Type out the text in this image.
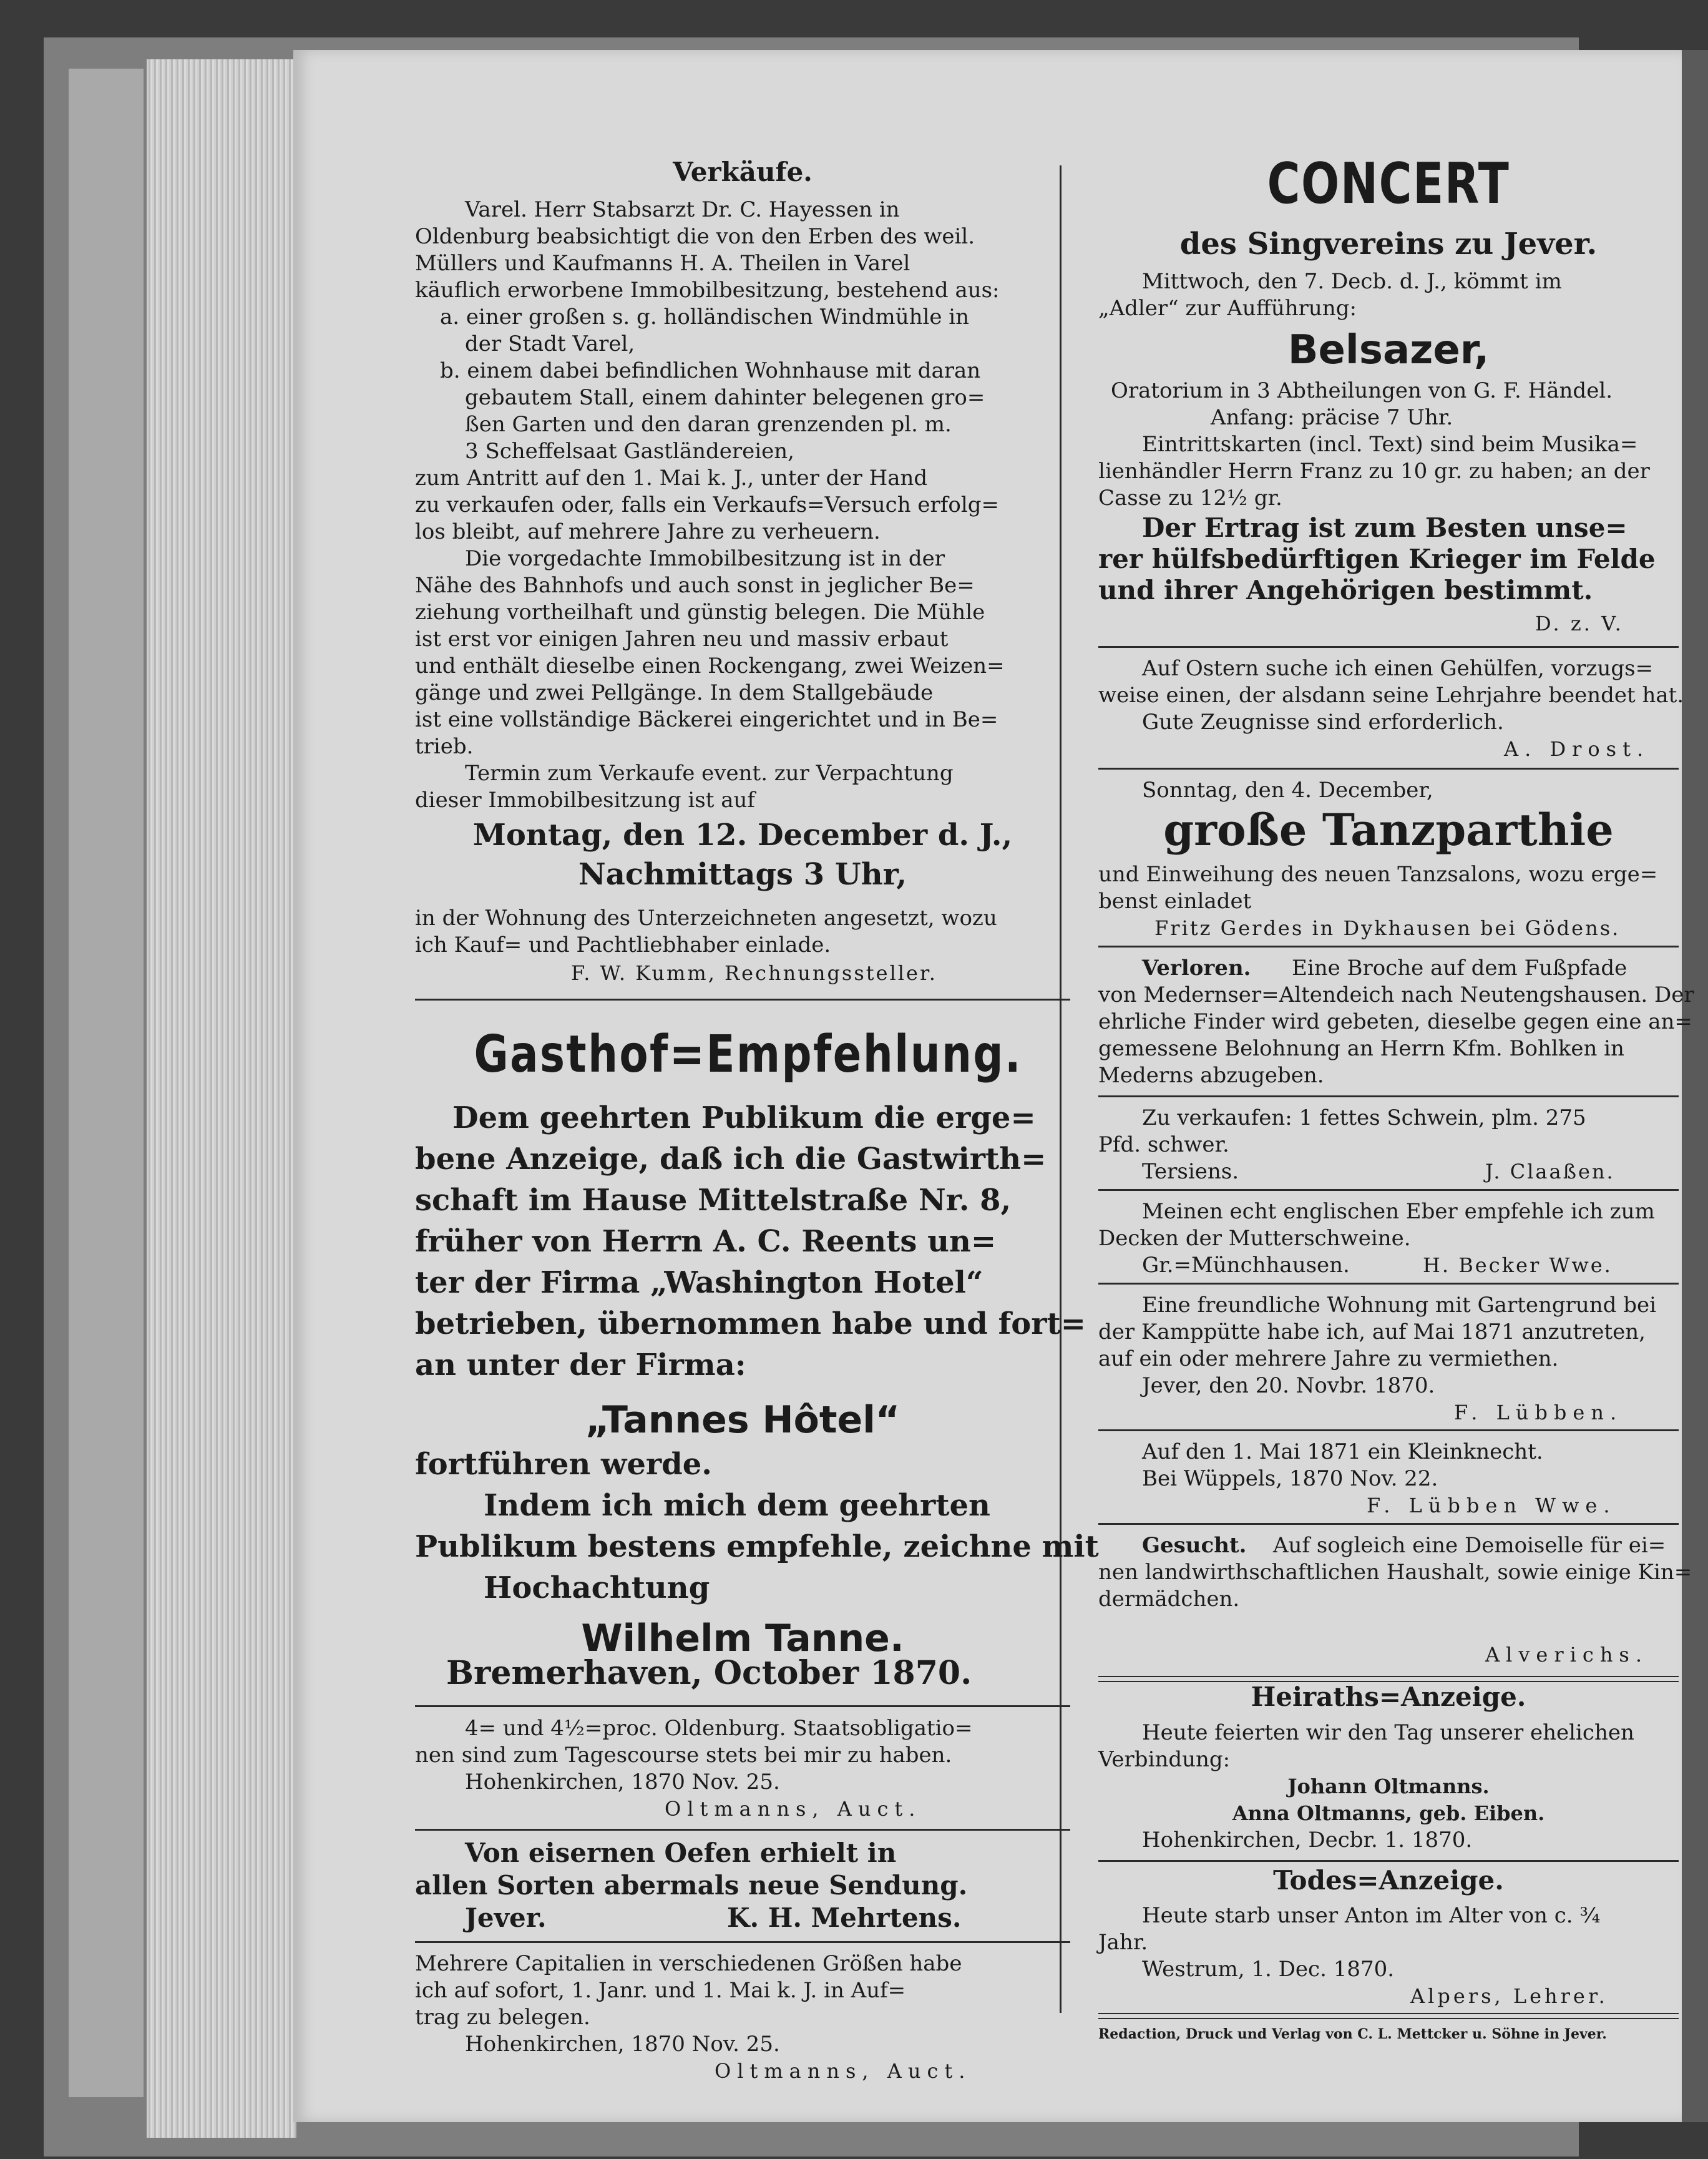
Verkäufe.
Varel. Herr Stabsarzt Dr. C. Hayessen in
Oldenburg beabsichtigt die von den Erben des weil.
Müllers und Kaufmanns H. A. Theilen in Varel
käuflich erworbene Immobilbesitzung, bestehend aus:
a. einer großen s. g. holländischen Windmühle in
der Stadt Varel,
b. einem dabei befindlichen Wohnhause mit daran
gebautem Stall, einem dahinter belegenen gro=
ßen Garten und den daran grenzenden pl. m.
3 Scheffelsaat Gastländereien,
zum Antritt auf den 1. Mai k. J., unter der Hand
zu verkaufen oder, falls ein Verkaufs=Versuch erfolg=
los bleibt, auf mehrere Jahre zu verheuern.
Die vorgedachte Immobilbesitzung ist in der
Nähe des Bahnhofs und auch sonst in jeglicher Be=
ziehung vortheilhaft und günstig belegen. Die Mühle
ist erst vor einigen Jahren neu und massiv erbaut
und enthält dieselbe einen Rockengang, zwei Weizen=
gänge und zwei Pellgänge. In dem Stallgebäude
ist eine vollständige Bäckerei eingerichtet und in Be=
trieb.
Termin zum Verkaufe event. zur Verpachtung
dieser Immobilbesitzung ist auf
Montag, den 12. December d. J.,
Nachmittags 3 Uhr,
in der Wohnung des Unterzeichneten angesetzt, wozu
ich Kauf= und Pachtliebhaber einlade.
F. W. Kumm, Rechnungssteller.
Gasthof=Empfehlung.
Dem geehrten Publikum die erge=
bene Anzeige, daß ich die Gastwirth=
schaft im Hause Mittelstraße Nr. 8,
früher von Herrn A. C. Reents un=
ter der Firma „Washington Hotel“
betrieben, übernommen habe und fort=
an unter der Firma:
„Tannes Hôtel“
fortführen werde.
Indem ich mich dem geehrten
Publikum bestens empfehle, zeichne mit
Hochachtung
Wilhelm Tanne.
Bremerhaven, October 1870.
4= und 4½=proc. Oldenburg. Staatsobligatio=
nen sind zum Tagescourse stets bei mir zu haben.
Hohenkirchen, 1870 Nov. 25.
Oltmanns, Auct.
Von eisernen Oefen erhielt in
allen Sorten abermals neue Sendung.
Jever.	K. H. Mehrtens.
Mehrere Capitalien in verschiedenen Größen habe
ich auf sofort, 1. Janr. und 1. Mai k. J. in Auf=
trag zu belegen.
Hohenkirchen, 1870 Nov. 25.
Oltmanns, Auct.
CONCERT
des Singvereins zu Jever.
Mittwoch, den 7. Decb. d. J., kömmt im
„Adler“ zur Aufführung:
Belsazer,
Oratorium in 3 Abtheilungen von G. F. Händel.
Anfang: präcise 7 Uhr.
Eintrittskarten (incl. Text) sind beim Musika=
lienhändler Herrn Franz zu 10 gr. zu haben; an der
Casse zu 12½ gr.
Der Ertrag ist zum Besten unse=
rer hülfsbedürftigen Krieger im Felde
und ihrer Angehörigen bestimmt.
D. z. V.
Auf Ostern suche ich einen Gehülfen, vorzugs=
weise einen, der alsdann seine Lehrjahre beendet hat.
Gute Zeugnisse sind erforderlich.
A. Drost.
Sonntag, den 4. December,
große Tanzparthie
und Einweihung des neuen Tanzsalons, wozu erge=
benst einladet
Fritz Gerdes in Dykhausen bei Gödens.
Verloren. Eine Broche auf dem Fußpfade
von Medernser=Altendeich nach Neutengshausen. Der
ehrliche Finder wird gebeten, dieselbe gegen eine an=
gemessene Belohnung an Herrn Kfm. Bohlken in
Mederns abzugeben.
Zu verkaufen: 1 fettes Schwein, plm. 275
Pfd. schwer.
Tersiens.	J. Claaßen.
Meinen echt englischen Eber empfehle ich zum
Decken der Mutterschweine.
Gr.=Münchhausen.	H. Becker Wwe.
Eine freundliche Wohnung mit Gartengrund bei
der Kamppütte habe ich, auf Mai 1871 anzutreten,
auf ein oder mehrere Jahre zu vermiethen.
Jever, den 20. Novbr. 1870.
F. Lübben.
Auf den 1. Mai 1871 ein Kleinknecht.
Bei Wüppels, 1870 Nov. 22.
F. Lübben Wwe.
Gesucht. Auf sogleich eine Demoiselle für ei=
nen landwirthschaftlichen Haushalt, sowie einige Kin=
dermädchen.
Alverichs.
Heiraths=Anzeige.
Heute feierten wir den Tag unserer ehelichen
Verbindung:
Johann Oltmanns.
Anna Oltmanns, geb. Eiben.
Hohenkirchen, Decbr. 1. 1870.
Todes=Anzeige.
Heute starb unser Anton im Alter von c. ¾
Jahr.
Westrum, 1. Dec. 1870.
Alpers, Lehrer.
Redaction, Druck und Verlag von C. L. Mettcker u. Söhne in Jever.
